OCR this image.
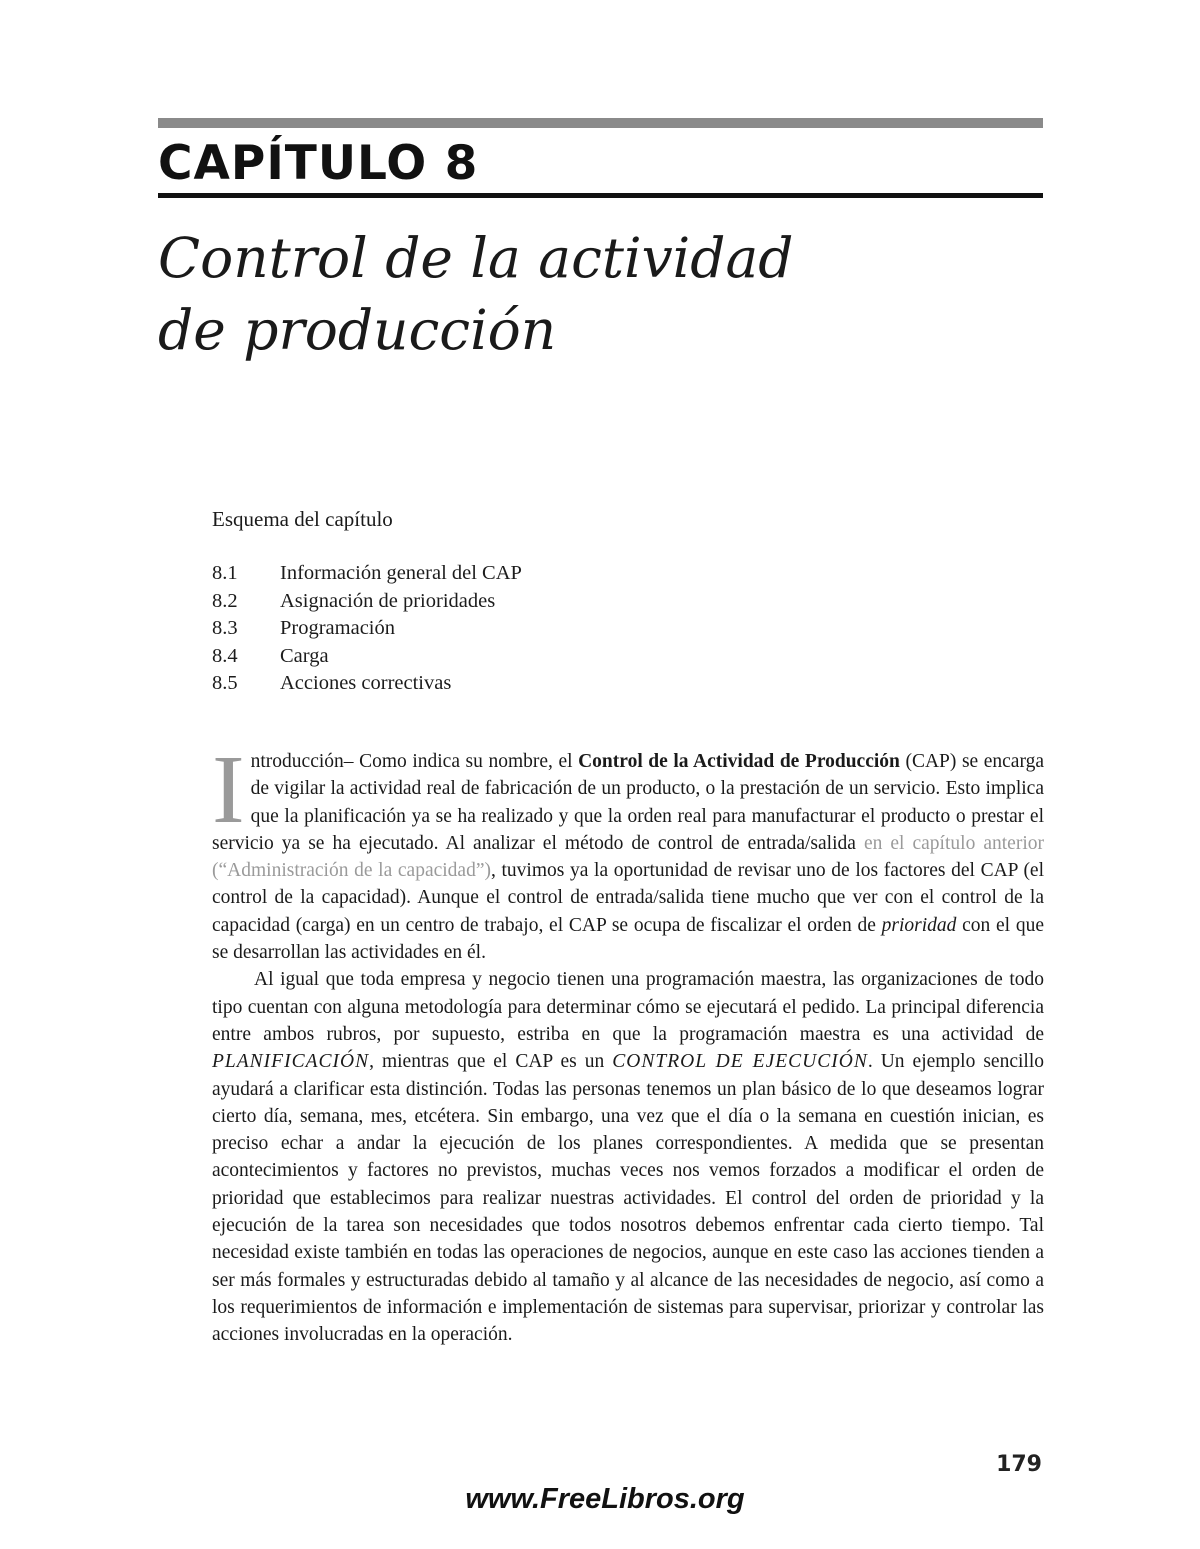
CAPÍTULO 8
Control de la actividad
de producción
Esquema del capítulo
8.1 Información general del CAP
8.2 Asignación de prioridades
8.3 Programación
8.4 Carga
8.5 Acciones correctivas

Introducción– Como indica su nombre, el Control de la Actividad de Producción (CAP) se encarga de vigilar la actividad real de fabricación de un producto, o la prestación de un servicio. Esto implica que la planificación ya se ha realizado y que la orden real para manufacturar el producto o prestar el servicio ya se ha ejecutado. Al analizar el método de control de entrada/salida en el capítulo anterior (“Administración de la capacidad”), tuvimos ya la oportunidad de revisar uno de los factores del CAP (el control de la capacidad). Aunque el control de entrada/salida tiene mucho que ver con el control de la capacidad (carga) en un centro de trabajo, el CAP se ocupa de fiscalizar el orden de prioridad con el que se desarrollan las actividades en él.

Al igual que toda empresa y negocio tienen una programación maestra, las organizaciones de todo tipo cuentan con alguna metodología para determinar cómo se ejecutará el pedido. La principal diferencia entre ambos rubros, por supuesto, estriba en que la programación maestra es una actividad de PLANIFICACIÓN, mientras que el CAP es un CONTROL DE EJECUCIÓN. Un ejemplo sencillo ayudará a clarificar esta distinción. Todas las personas tenemos un plan básico de lo que deseamos lograr cierto día, semana, mes, etcétera. Sin embargo, una vez que el día o la semana en cuestión inician, es preciso echar a andar la ejecución de los planes correspondientes. A medida que se presentan acontecimientos y factores no previstos, muchas veces nos vemos forzados a modificar el orden de prioridad que establecimos para realizar nuestras actividades. El control del orden de prioridad y la ejecución de la tarea son necesidades que todos nosotros debemos enfrentar cada cierto tiempo. Tal necesidad existe también en todas las operaciones de negocios, aunque en este caso las acciones tienden a ser más formales y estructuradas debido al tamaño y al alcance de las necesidades de negocio, así como a los requerimientos de información e implementación de sistemas para supervisar, priorizar y controlar las acciones involucradas en la operación.

179
www.FreeLibros.org
